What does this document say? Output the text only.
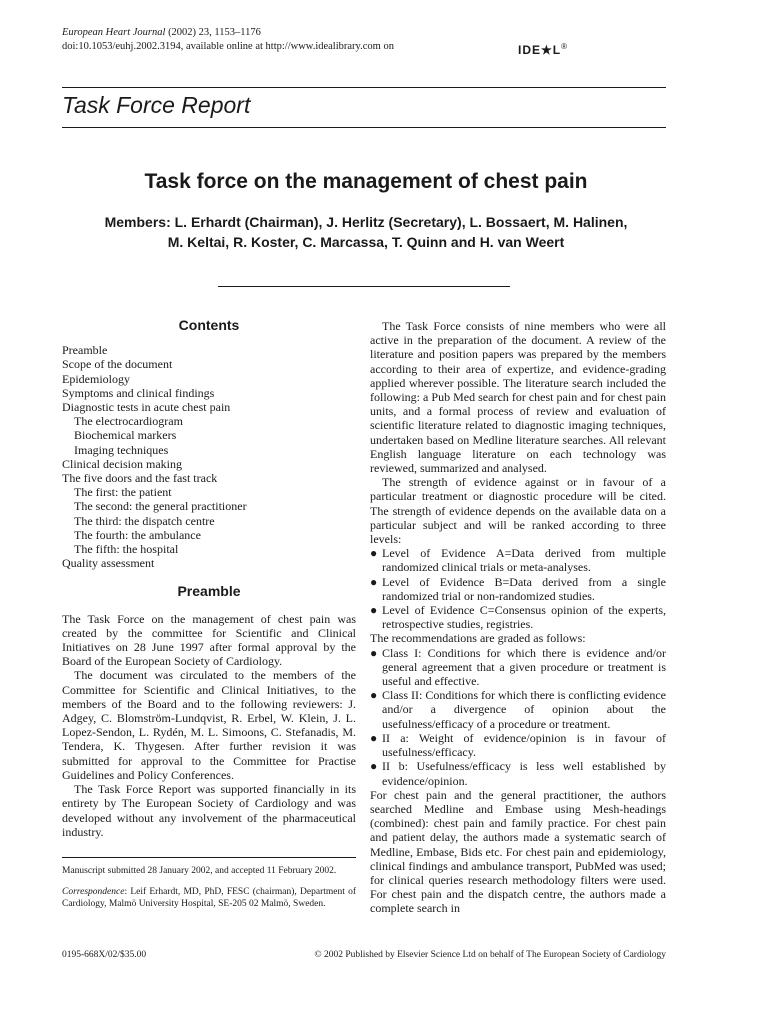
European Heart Journal (2002) 23, 1153–1176
doi:10.1053/euhj.2002.3194, available online at http://www.idealibrary.com on	IDE★L®
Task Force Report
Task force on the management of chest pain
Members: L. Erhardt (Chairman), J. Herlitz (Secretary), L. Bossaert, M. Halinen,
M. Keltai, R. Koster, C. Marcassa, T. Quinn and H. van Weert
Contents
Preamble
Scope of the document
Epidemiology
Symptoms and clinical findings
Diagnostic tests in acute chest pain
The electrocardiogram
Biochemical markers
Imaging techniques
Clinical decision making
The five doors and the fast track
The first: the patient
The second: the general practitioner
The third: the dispatch centre
The fourth: the ambulance
The fifth: the hospital
Quality assessment
Preamble

The Task Force on the management of chest pain was created by the committee for Scientific and Clinical Initiatives on 28 June 1997 after formal approval by the Board of the European Society of Cardiology.

The document was circulated to the members of the Committee for Scientific and Clinical Initiatives, to the members of the Board and to the following reviewers: J. Adgey, C. Blomström-Lundqvist, R. Erbel, W. Klein, J. L. Lopez-Sendon, L. Rydén, M. L. Simoons, C. Stefanadis, M. Tendera, K. Thygesen. After further revision it was submitted for approval to the Committee for Practise Guidelines and Policy Conferences.

The Task Force Report was supported financially in its entirety by The European Society of Cardiology and was developed without any involvement of the pharmaceutical industry.

Manuscript submitted 28 January 2002, and accepted 11 February 2002.

Correspondence: Leif Erhardt, MD, PhD, FESC (chairman), Department of Cardiology, Malmö University Hospital, SE-205 02 Malmö, Sweden.

The Task Force consists of nine members who were all active in the preparation of the document. A review of the literature and position papers was prepared by the members according to their area of expertize, and evidence-grading applied wherever possible. The literature search included the following: a Pub Med search for chest pain and for chest pain units, and a formal process of review and evaluation of scientific literature related to diagnostic imaging techniques, undertaken based on Medline literature searches. All relevant English language literature on each technology was reviewed, summarized and analysed.

The strength of evidence against or in favour of a particular treatment or diagnostic procedure will be cited. The strength of evidence depends on the available data on a particular subject and will be ranked according to three levels:

● Level of Evidence A=Data derived from multiple randomized clinical trials or meta-analyses.
● Level of Evidence B=Data derived from a single randomized trial or non-randomized studies.
● Level of Evidence C=Consensus opinion of the experts, retrospective studies, registries.

The recommendations are graded as follows:

● Class I: Conditions for which there is evidence and/or general agreement that a given procedure or treatment is useful and effective.
● Class II: Conditions for which there is conflicting evidence and/or a divergence of opinion about the usefulness/efficacy of a procedure or treatment.
● II a: Weight of evidence/opinion is in favour of usefulness/efficacy.
● II b: Usefulness/efficacy is less well established by evidence/opinion.

For chest pain and the general practitioner, the authors searched Medline and Embase using Mesh-headings (combined): chest pain and family practice. For chest pain and patient delay, the authors made a systematic search of Medline, Embase, Bids etc. For chest pain and epidemiology, clinical findings and ambulance transport, PubMed was used; for clinical queries research methodology filters were used. For chest pain and the dispatch centre, the authors made a complete search in

0195-668X/02/$35.00	© 2002 Published by Elsevier Science Ltd on behalf of The European Society of Cardiology
